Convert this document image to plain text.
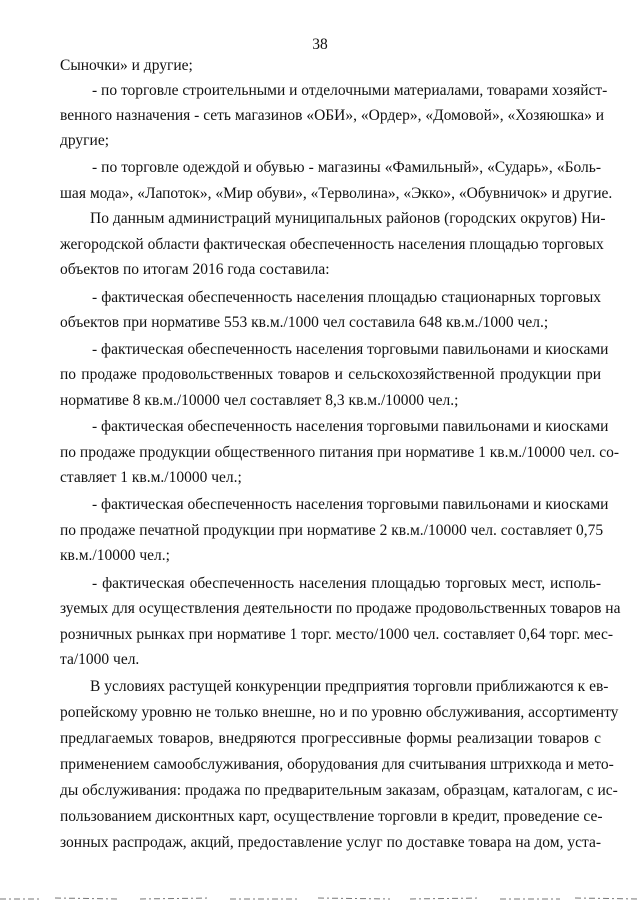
38
Сыночки» и другие;
- по торговле строительными и отделочными материалами, товарами хозяйст-
венного назначения - сеть магазинов «ОБИ», «Ордер», «Домовой», «Хозяюшка» и
другие;
- по торговле одеждой и обувью - магазины «Фамильный», «Сударь», «Боль-
шая мода», «Лапоток», «Мир обуви», «Терволина», «Экко», «Обувничок» и другие.
По данным администраций муниципальных районов (городских округов) Ни-
жегородской области фактическая обеспеченность населения площадью торговых
объектов по итогам 2016 года составила:
- фактическая обеспеченность населения площадью стационарных торговых
объектов при нормативе 553 кв.м./1000 чел составила 648 кв.м./1000 чел.;
- фактическая обеспеченность населения торговыми павильонами и киосками
по продаже продовольственных товаров и сельскохозяйственной продукции при
нормативе 8 кв.м./10000 чел составляет 8,3 кв.м./10000 чел.;
- фактическая обеспеченность населения торговыми павильонами и киосками
по продаже продукции общественного питания при нормативе 1 кв.м./10000 чел. со-
ставляет 1 кв.м./10000 чел.;
- фактическая обеспеченность населения торговыми павильонами и киосками
по продаже печатной продукции при нормативе 2 кв.м./10000 чел. составляет 0,75
кв.м./10000 чел.;
- фактическая обеспеченность населения площадью торговых мест, исполь-
зуемых для осуществления деятельности по продаже продовольственных товаров на
розничных рынках при нормативе 1 торг. место/1000 чел. составляет 0,64 торг. мес-
та/1000 чел.
В условиях растущей конкуренции предприятия торговли приближаются к ев-
ропейскому уровню не только внешне, но и по уровню обслуживания, ассортименту
предлагаемых товаров, внедряются прогрессивные формы реализации товаров с
применением самообслуживания, оборудования для считывания штрихкода и мето-
ды обслуживания: продажа по предварительным заказам, образцам, каталогам, с ис-
пользованием дисконтных карт, осуществление торговли в кредит, проведение се-
зонных распродаж, акций, предоставление услуг по доставке товара на дом, уста-
